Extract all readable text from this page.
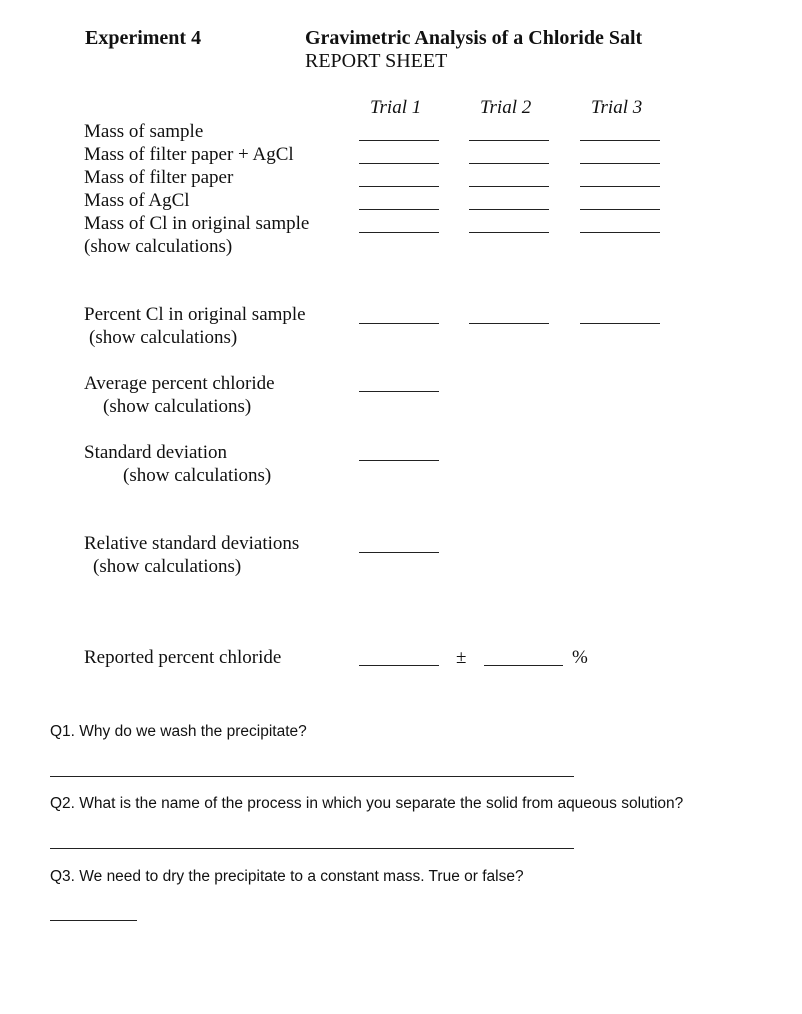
Experiment 4	Gravimetric Analysis of a Chloride Salt
REPORT SHEET
Trial 1	Trial 2	Trial 3
Mass of sample
Mass of filter paper + AgCl
Mass of filter paper
Mass of AgCl
Mass of Cl in original sample
(show calculations)
Percent Cl in original sample
(show calculations)
Average percent chloride
(show calculations)
Standard deviation
(show calculations)
Relative standard deviations
(show calculations)
Reported percent chloride	±	%
Q1. Why do we wash the precipitate?
Q2. What is the name of the process in which you separate the solid from aqueous solution?
Q3. We need to dry the precipitate to a constant mass. True or false?
